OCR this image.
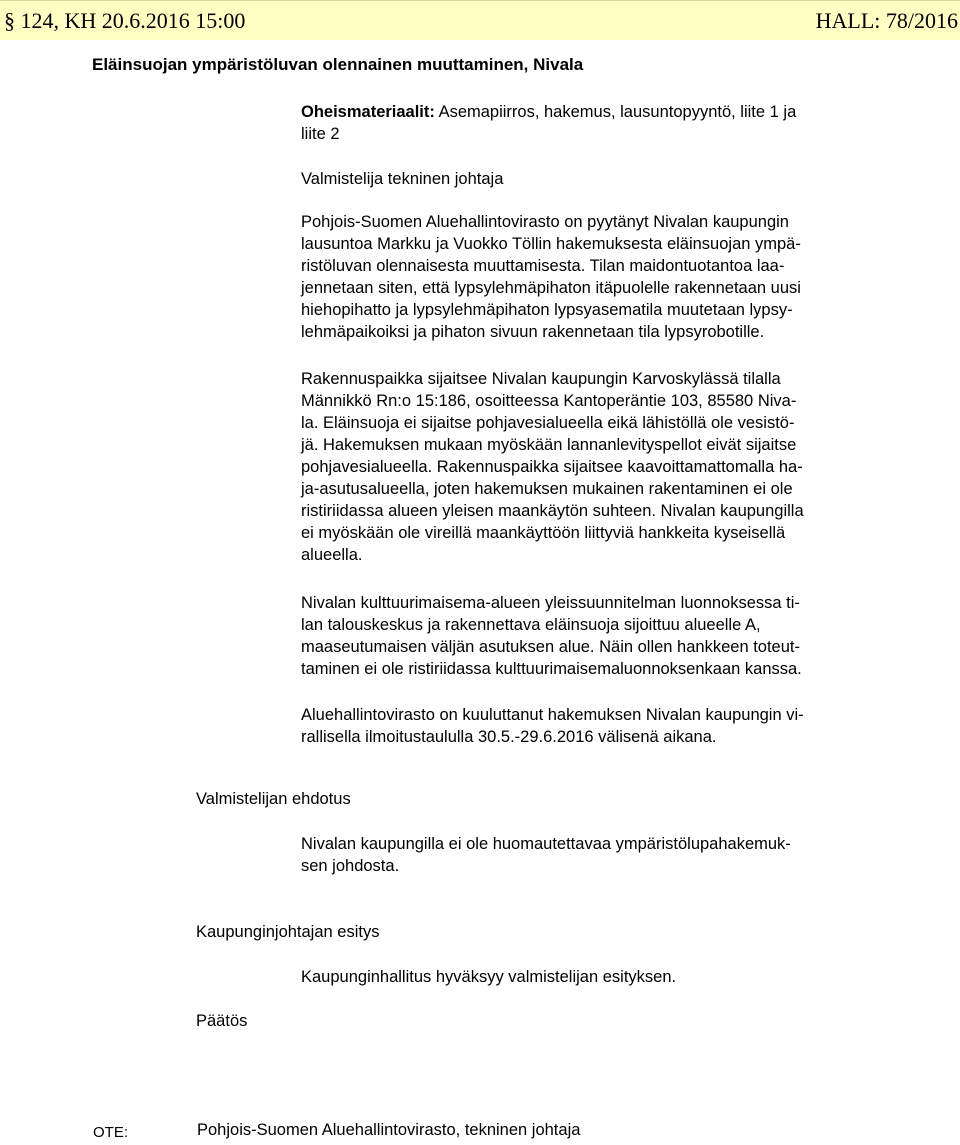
§ 124, KH 20.6.2016 15:00	HALL: 78/2016
Eläinsuojan ympäristöluvan olennainen muuttaminen, Nivala
Oheismateriaalit: Asemapiirros, hakemus, lausuntopyyntö, liite 1 ja
liite 2
Valmistelija tekninen johtaja
Pohjois-Suomen Aluehallintovirasto on pyytänyt Nivalan kaupungin
lausuntoa Markku ja Vuokko Töllin hakemuksesta eläinsuojan ympä-
ristöluvan olennaisesta muuttamisesta. Tilan maidontuotantoa laa-
jennetaan siten, että lypsylehmäpihaton itäpuolelle rakennetaan uusi
hiehopihatto ja lypsylehmäpihaton lypsyasematila muutetaan lypsy-
lehmäpaikoiksi ja pihaton sivuun rakennetaan tila lypsyrobotille.
Rakennuspaikka sijaitsee Nivalan kaupungin Karvoskylässä tilalla
Männikkö Rn:o 15:186, osoitteessa Kantoperäntie 103, 85580 Niva-
la. Eläinsuoja ei sijaitse pohjavesialueella eikä lähistöllä ole vesistö-
jä. Hakemuksen mukaan myöskään lannanlevityspellot eivät sijaitse
pohjavesialueella. Rakennuspaikka sijaitsee kaavoittamattomalla ha-
ja-asutusalueella, joten hakemuksen mukainen rakentaminen ei ole
ristiriidassa alueen yleisen maankäytön suhteen. Nivalan kaupungilla
ei myöskään ole vireillä maankäyttöön liittyviä hankkeita kyseisellä
alueella.
Nivalan kulttuurimaisema-alueen yleissuunnitelman luonnoksessa ti-
lan talouskeskus ja rakennettava eläinsuoja sijoittuu alueelle A,
maaseutumaisen väljän asutuksen alue. Näin ollen hankkeen toteut-
taminen ei ole ristiriidassa kulttuurimaisemaluonnoksenkaan kanssa.
Aluehallintovirasto on kuuluttanut hakemuksen Nivalan kaupungin vi-
rallisella ilmoitustaululla 30.5.-29.6.2016 välisenä aikana.
Valmistelijan ehdotus
Nivalan kaupungilla ei ole huomautettavaa ympäristölupahakemuk-
sen johdosta.
Kaupunginjohtajan esitys
Kaupunginhallitus hyväksyy valmistelijan esityksen.
Päätös
OTE:	Pohjois-Suomen Aluehallintovirasto, tekninen johtaja
